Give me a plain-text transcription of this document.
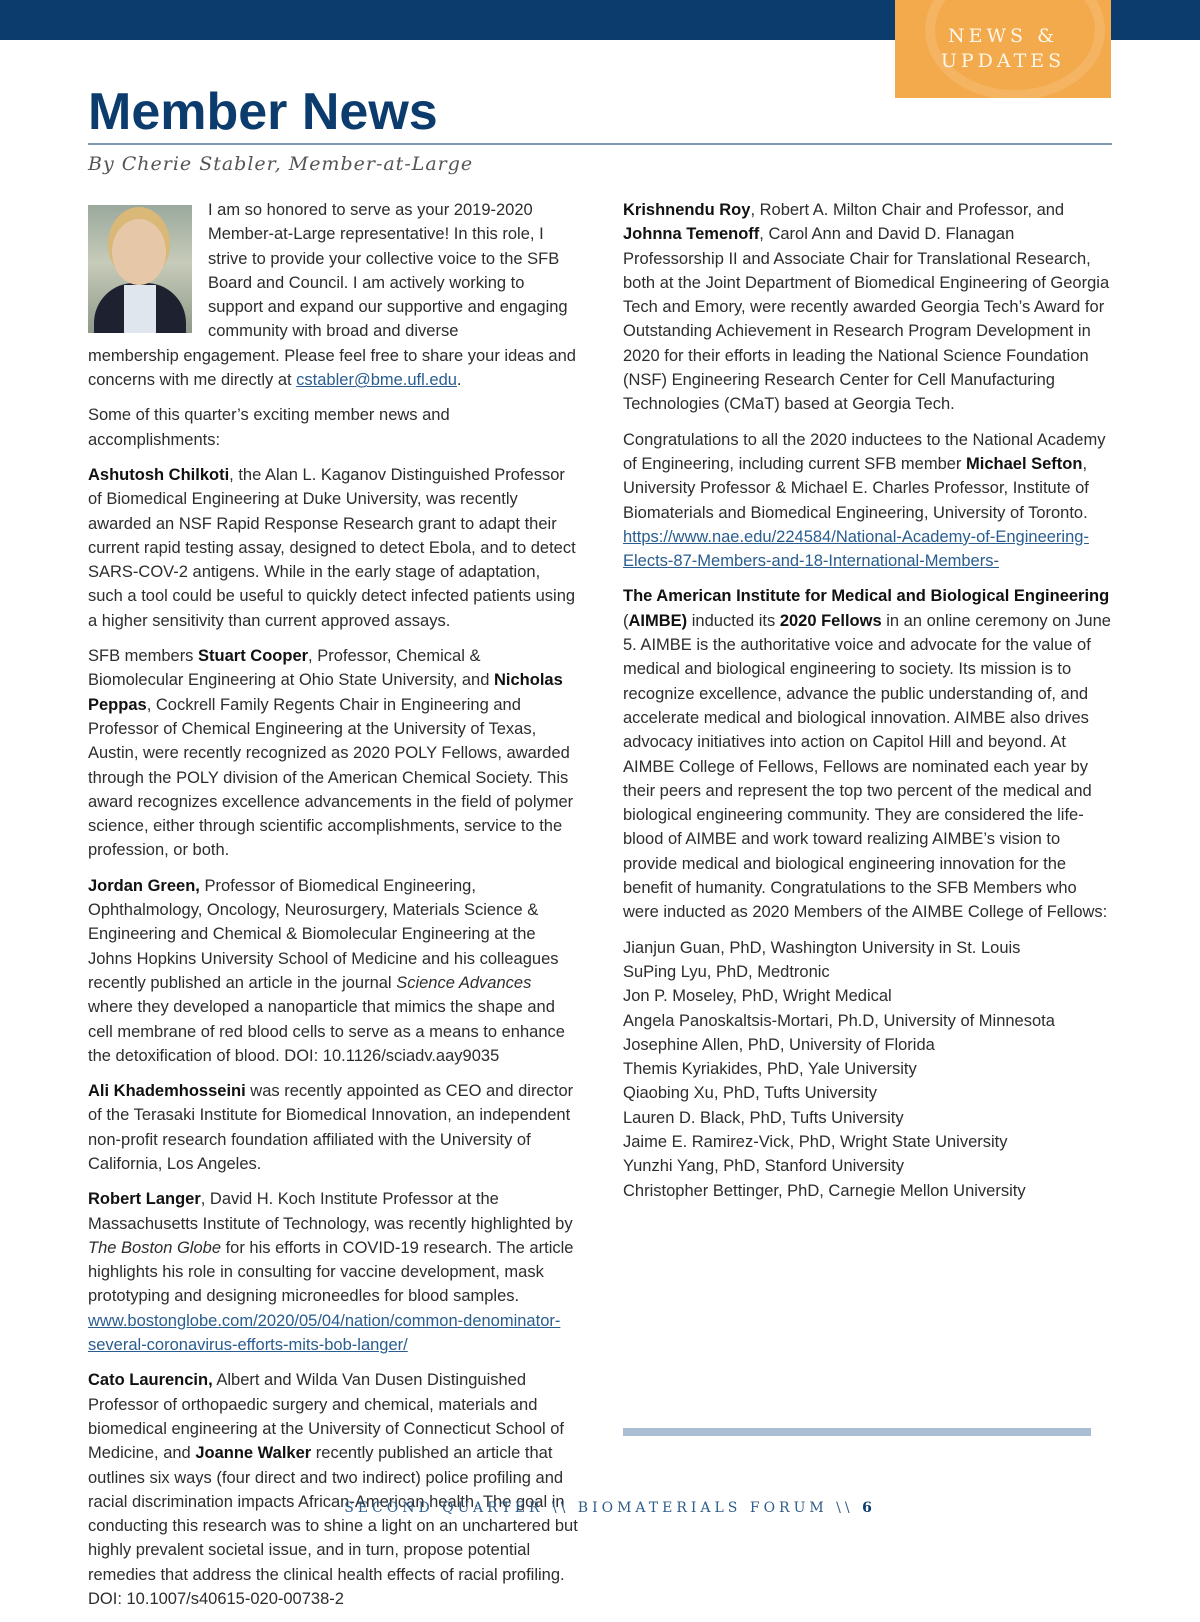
NEWS &
UPDATES
Member News
By Cherie Stabler, Member-at-Large

I am so honored to serve as your 2019-2020 Member-at-Large representative! In this role, I strive to provide your collective voice to the SFB Board and Council. I am actively working to support and expand our supportive and engaging community with broad and diverse

membership engagement. Please feel free to share your ideas and concerns with me directly at cstabler@bme.ufl.edu.

Some of this quarter’s exciting member news and accomplishments:

Ashutosh Chilkoti, the Alan L. Kaganov Distinguished Professor of Biomedical Engineering at Duke University, was recently awarded an NSF Rapid Response Research grant to adapt their current rapid testing assay, designed to detect Ebola, and to detect SARS-COV-2 antigens. While in the early stage of adaptation, such a tool could be useful to quickly detect infected patients using a higher sensitivity than current approved assays.

SFB members Stuart Cooper, Professor, Chemical & Biomolecular Engineering at Ohio State University, and Nicholas Peppas, Cockrell Family Regents Chair in Engineering and Professor of Chemical Engineering at the University of Texas, Austin, were recently recognized as 2020 POLY Fellows, awarded through the POLY division of the American Chemical Society. This award recognizes excellence advancements in the field of polymer science, either through scientific accomplishments, service to the profession, or both.

Jordan Green, Professor of Biomedical Engineering, Ophthalmology, Oncology, Neurosurgery, Materials Science & Engineering and Chemical & Biomolecular Engineering at the Johns Hopkins University School of Medicine and his colleagues recently published an article in the journal Science Advances where they developed a nanoparticle that mimics the shape and cell membrane of red blood cells to serve as a means to enhance the detoxification of blood. DOI: 10.1126/sciadv.aay9035

Ali Khademhosseini was recently appointed as CEO and director of the Terasaki Institute for Biomedical Innovation, an independent non-profit research foundation affiliated with the University of California, Los Angeles.

Robert Langer, David H. Koch Institute Professor at the Massachusetts Institute of Technology, was recently highlighted by The Boston Globe for his efforts in COVID-19 research. The article highlights his role in consulting for vaccine development, mask prototyping and designing microneedles for blood samples.
www.bostonglobe.com/2020/05/04/nation/common-denominator-several-coronavirus-efforts-mits-bob-langer/

Cato Laurencin, Albert and Wilda Van Dusen Distinguished Professor of orthopaedic surgery and chemical, materials and biomedical engineering at the University of Connecticut School of Medicine, and Joanne Walker recently published an article that outlines six ways (four direct and two indirect) police profiling and racial discrimination impacts African-American health. The goal in conducting this research was to shine a light on an unchartered but highly prevalent societal issue, and in turn, propose potential remedies that address the clinical health effects of racial profiling. DOI: 10.1007/s40615-020-00738-2

Krishnendu Roy, Robert A. Milton Chair and Professor, and Johnna Temenoff, Carol Ann and David D. Flanagan Professorship II and Associate Chair for Translational Research, both at the Joint Department of Biomedical Engineering of Georgia Tech and Emory, were recently awarded Georgia Tech’s Award for Outstanding Achievement in Research Program Development in 2020 for their efforts in leading the National Science Foundation (NSF) Engineering Research Center for Cell Manufacturing Technologies (CMaT) based at Georgia Tech.

Congratulations to all the 2020 inductees to the National Academy of Engineering, including current SFB member Michael Sefton, University Professor & Michael E. Charles Professor, Institute of Biomaterials and Biomedical Engineering, University of Toronto. https://www.nae.edu/224584/National-Academy-of-Engineering-Elects-87-Members-and-18-International-Members-

The American Institute for Medical and Biological Engineering (AIMBE) inducted its 2020 Fellows in an online ceremony on June 5. AIMBE is the authoritative voice and advocate for the value of medical and biological engineering to society. Its mission is to recognize excellence, advance the public understanding of, and accelerate medical and biological innovation. AIMBE also drives advocacy initiatives into action on Capitol Hill and beyond. At AIMBE College of Fellows, Fellows are nominated each year by their peers and represent the top two percent of the medical and biological engineering community. They are considered the life-blood of AIMBE and work toward realizing AIMBE’s vision to provide medical and biological engineering innovation for the benefit of humanity. Congratulations to the SFB Members who were inducted as 2020 Members of the AIMBE College of Fellows:

Jianjun Guan, PhD, Washington University in St. Louis
SuPing Lyu, PhD, Medtronic
Jon P. Moseley, PhD, Wright Medical
Angela Panoskaltsis-Mortari, Ph.D, University of Minnesota
Josephine Allen, PhD, University of Florida
Themis Kyriakides, PhD, Yale University
Qiaobing Xu, PhD, Tufts University
Lauren D. Black, PhD, Tufts University
Jaime E. Ramirez-Vick, PhD, Wright State University
Yunzhi Yang, PhD, Stanford University
Christopher Bettinger, PhD, Carnegie Mellon University
SECOND QUARTER \\ BIOMATERIALS FORUM \\ 6
